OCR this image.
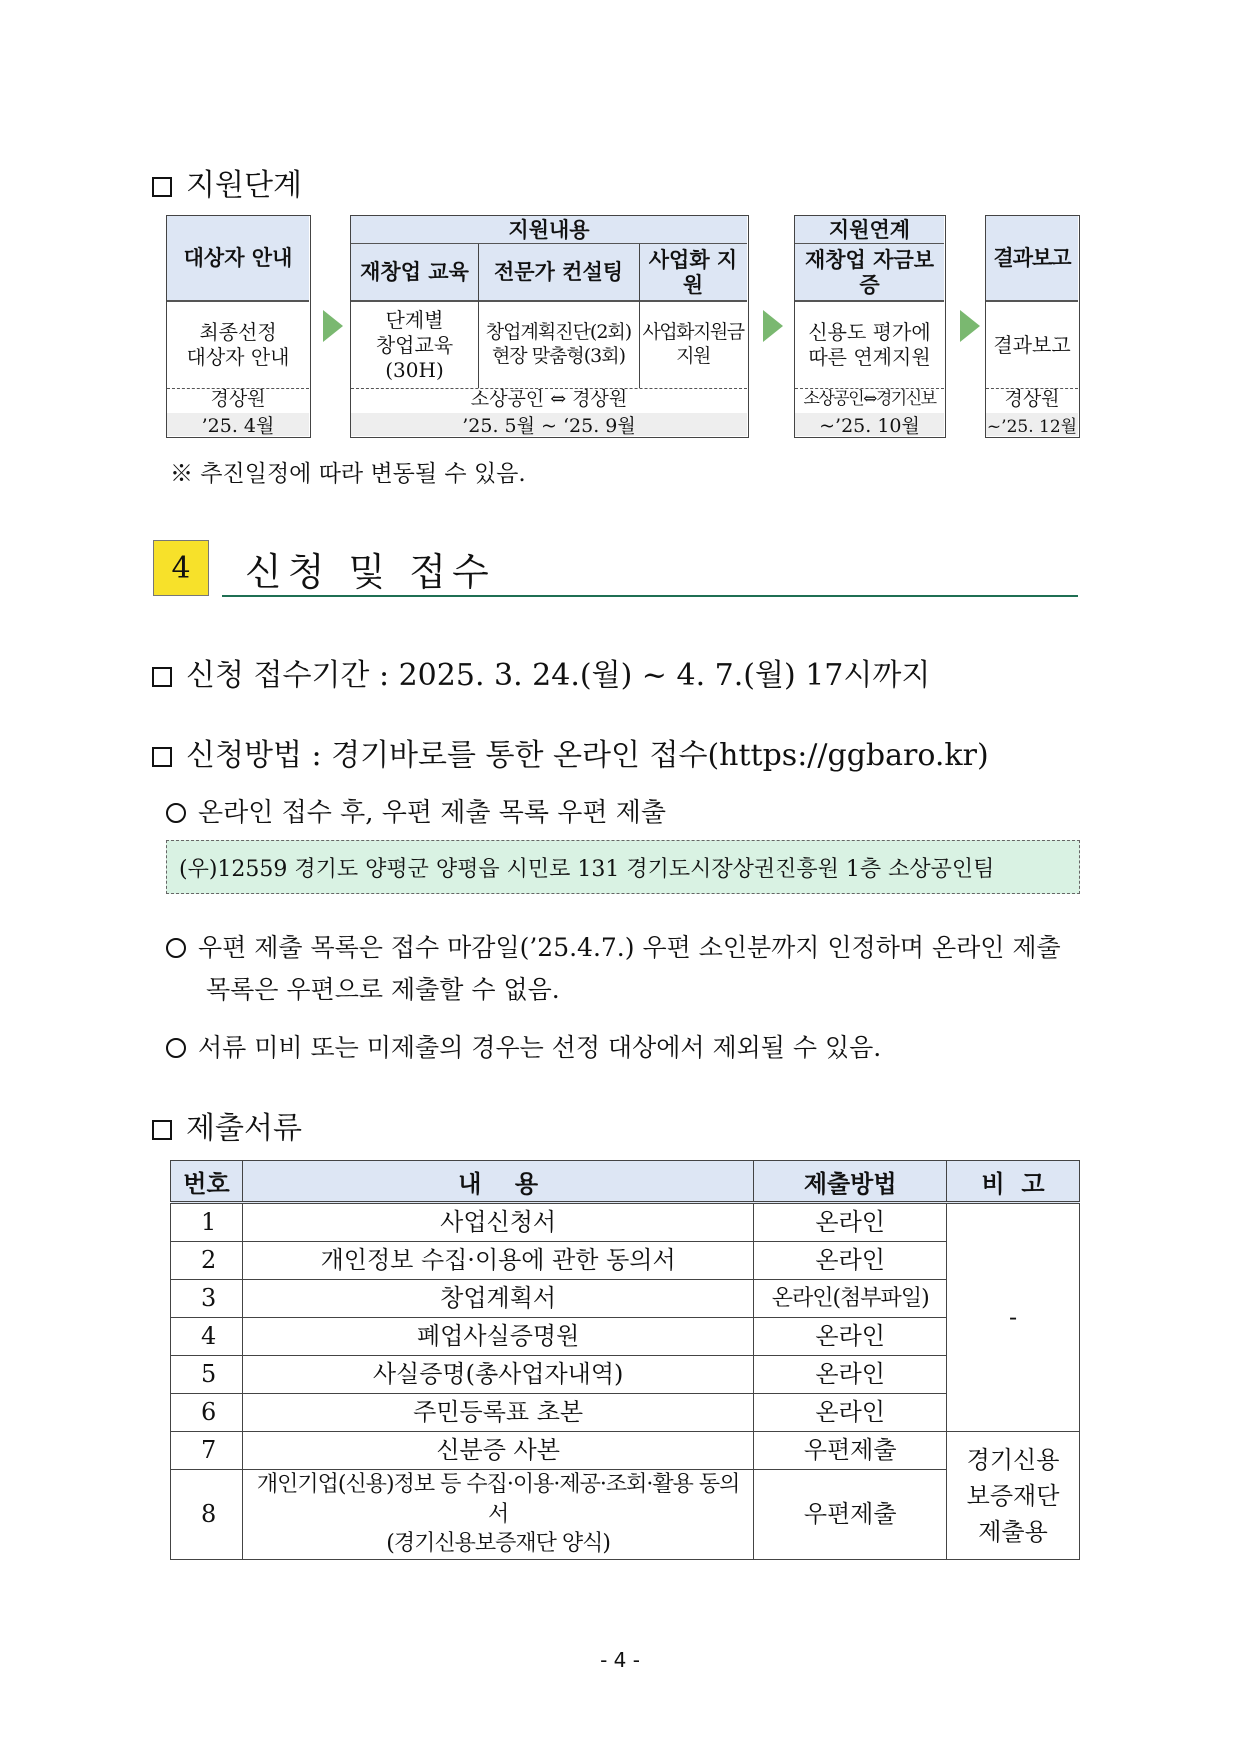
지원단계
대상자 안내
최종선정
대상자 안내
경상원
’25. 4월
지원내용
재창업 교육	전문가 컨설팅
사업화 지원
단계별
창업교육
(30H)
창업계획진단(2회)
현장 맞춤형(3회)
사업화지원금
지원
소상공인 ⇔ 경상원
’25. 5월 ~ ‘25. 9월
지원연계
재창업 자금보증
신용도 평가에
따른 연계지원
소상공인⇔경기신보
~’25. 10월
결과보고
결과보고
경상원
~’25. 12월
※ 추진일정에 따라 변동될 수 있음.
4	신청 및 접수
신청 접수기간 : 2025. 3. 24.(월) ~ 4. 7.(월) 17시까지
신청방법 : 경기바로를 통한 온라인 접수(https://ggbaro.kr)
온라인 접수 후, 우편 제출 목록 우편 제출
(우)12559 경기도 양평군 양평읍 시민로 131 경기도시장상권진흥원 1층 소상공인팀
우편 제출 목록은 접수 마감일(’25.4.7.) 우편 소인분까지 인정하며 온라인 제출
목록은 우편으로 제출할 수 없음.
서류 미비 또는 미제출의 경우는 선정 대상에서 제외될 수 있음.
제출서류
번호	내    용	제출방법	비  고
1	사업신청서	온라인	-
2	개인정보 수집·이용에 관한 동의서	온라인	
3	창업계획서	온라인(첨부파일)	
4	폐업사실증명원	온라인	
5	사실증명(총사업자내역)	온라인	
6	주민등록표 초본	온라인	
7	신분증 사본	우편제출	경기신용
보증재단
제출용
8	개인기업(신용)정보 등 수집·이용·제공·조회·활용 동의서
(경기신용보증재단 양식)	우편제출	
- 4 -
